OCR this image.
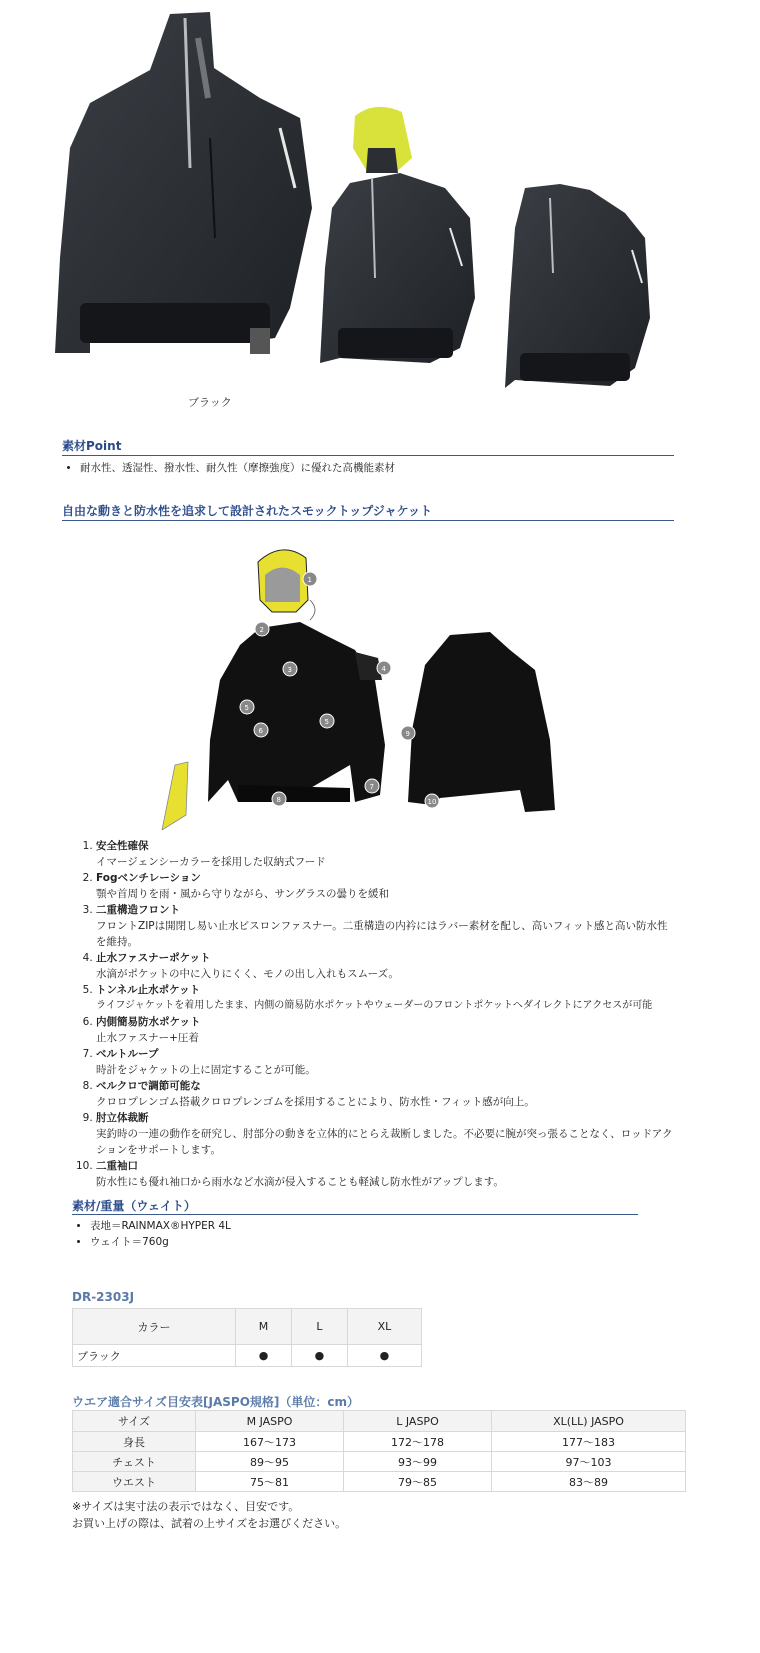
ブラック
素材Point
• 耐水性、透湿性、撥水性、耐久性（摩擦強度）に優れた高機能素材
自由な動きと防水性を追求して設計されたスモックトップジャケット
1
2
3	4
5
5
6
7
8
9
10
1. 安全性確保
イマージェンシーカラーを採用した収納式フード
2. Fogベンチレーション
顎や首周りを雨・風から守りながら、サングラスの曇りを緩和
3. 二重構造フロント
フロントZIPは開閉し易い止水ビスロンファスナー。二重構造の内衿にはラバー素材を配し、高いフィット感と高い防水性を維持。
4. 止水ファスナーポケット
水滴がポケットの中に入りにくく、モノの出し入れもスムーズ。
5. トンネル止水ポケット
ライフジャケットを着用したまま、内側の簡易防水ポケットやウェーダーのフロントポケットへダイレクトにアクセスが可能
6. 内側簡易防水ポケット
止水ファスナー+圧着
7. ベルトループ
時計をジャケットの上に固定することが可能。
8. ベルクロで調節可能な
クロロプレンゴム搭載クロロプレンゴムを採用することにより、防水性・フィット感が向上。
9. 肘立体裁断
実釣時の一連の動作を研究し、肘部分の動きを立体的にとらえ裁断しました。不必要に腕が突っ張ることなく、ロッドアクションをサポートします。
10. 二重袖口
防水性にも優れ袖口から雨水など水滴が侵入することも軽減し防水性がアップします。
素材/重量（ウェイト）
• 表地＝RAINMAX®HYPER 4L
• ウェイト＝760g
DR-2303J
カラー	M	L	XL
ブラック	●	●	●
ウエア適合サイズ目安表[JASPO規格]（単位：cm）
サイズ	M JASPO	L JASPO	XL(LL) JASPO
身長	167〜173	172〜178	177〜183
チェスト	89〜95	93〜99	97〜103
ウエスト	75〜81	79〜85	83〜89
※サイズは実寸法の表示ではなく、目安です。
お買い上げの際は、試着の上サイズをお選びください。
